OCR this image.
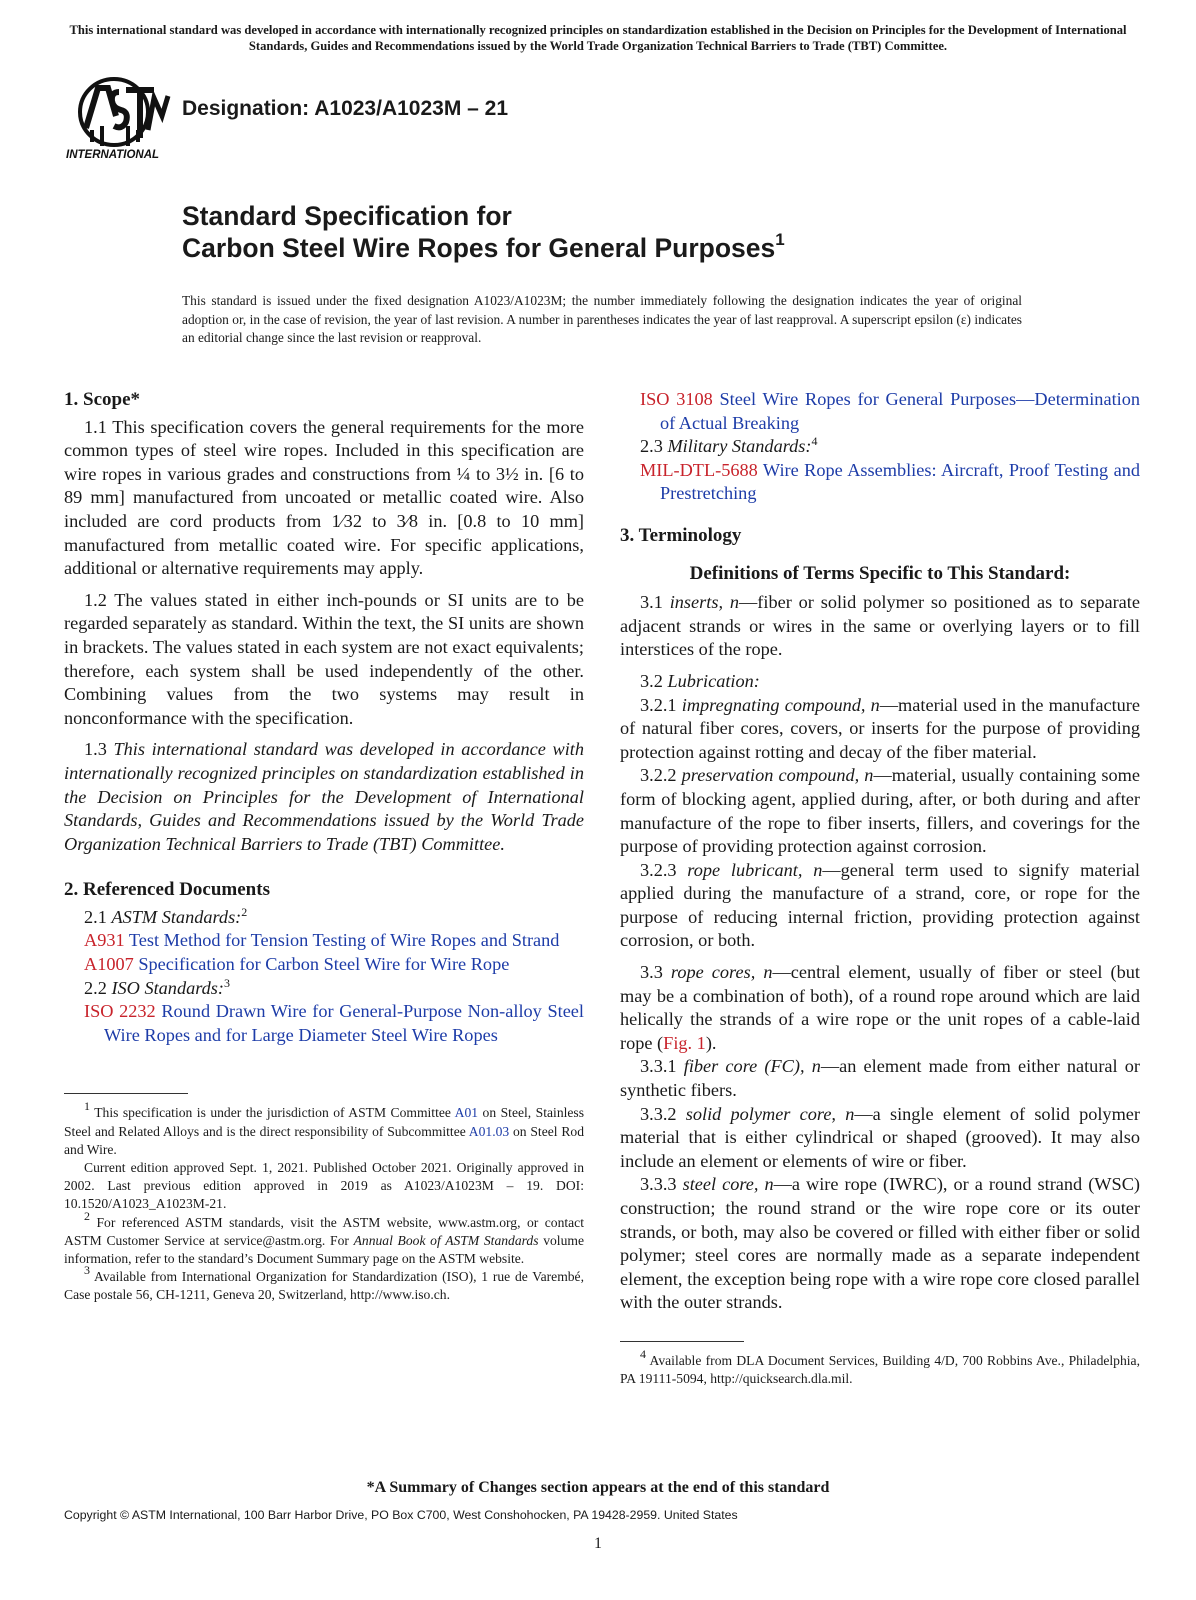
This international standard was developed in accordance with internationally recognized principles on standardization established in the Decision on Principles for the Development of International Standards, Guides and Recommendations issued by the World Trade Organization Technical Barriers to Trade (TBT) Committee.
INTERNATIONAL
Designation: A1023/A1023M – 21
Standard Specification for
Carbon Steel Wire Ropes for General Purposes$^1$
This standard is issued under the fixed designation A1023/A1023M; the number immediately following the designation indicates the year of original adoption or, in the case of revision, the year of last revision. A number in parentheses indicates the year of last reapproval. A superscript epsilon (ε) indicates an editorial change since the last revision or reapproval.
1. Scope*

1.1 This specification covers the general requirements for the more common types of steel wire ropes. Included in this specification are wire ropes in various grades and constructions from ¼ to 3½ in. [6 to 89 mm] manufactured from uncoated or metallic coated wire. Also included are cord products from 1⁄32 to 3⁄8 in. [0.8 to 10 mm] manufactured from metallic coated wire. For specific applications, additional or alternative requirements may apply.

1.2 The values stated in either inch-pounds or SI units are to be regarded separately as standard. Within the text, the SI units are shown in brackets. The values stated in each system are not exact equivalents; therefore, each system shall be used independently of the other. Combining values from the two systems may result in nonconformance with the specification.

1.3 This international standard was developed in accordance with internationally recognized principles on standardization established in the Decision on Principles for the Development of International Standards, Guides and Recommendations issued by the World Trade Organization Technical Barriers to Trade (TBT) Committee.

2. Referenced Documents
2.1 ASTM Standards:$^2$

A931 Test Method for Tension Testing of Wire Ropes and Strand

A1007 Specification for Carbon Steel Wire for Wire Rope

2.2 ISO Standards:$^3$

ISO 2232 Round Drawn Wire for General-Purpose Non-alloy Steel Wire Ropes and for Large Diameter Steel Wire Ropes

$^1$ This specification is under the jurisdiction of ASTM Committee A01 on Steel, Stainless Steel and Related Alloys and is the direct responsibility of Subcommittee A01.03 on Steel Rod and Wire.

Current edition approved Sept. 1, 2021. Published October 2021. Originally approved in 2002. Last previous edition approved in 2019 as A1023/A1023M – 19. DOI: 10.1520/A1023_A1023M-21.

$^2$ For referenced ASTM standards, visit the ASTM website, www.astm.org, or contact ASTM Customer Service at service@astm.org. For Annual Book of ASTM Standards volume information, refer to the standard’s Document Summary page on the ASTM website.

$^3$ Available from International Organization for Standardization (ISO), 1 rue de Varembé, Case postale 56, CH-1211, Geneva 20, Switzerland, http://www.iso.ch.

ISO 3108 Steel Wire Ropes for General Purposes—Determination of Actual Breaking

2.3 Military Standards:$^4$

MIL-DTL-5688 Wire Rope Assemblies: Aircraft, Proof Testing and Prestretching

3. Terminology
Definitions of Terms Specific to This Standard:

3.1 inserts, n—fiber or solid polymer so positioned as to separate adjacent strands or wires in the same or overlying layers or to fill interstices of the rope.

3.2 Lubrication:

3.2.1 impregnating compound, n—material used in the manufacture of natural fiber cores, covers, or inserts for the purpose of providing protection against rotting and decay of the fiber material.

3.2.2 preservation compound, n—material, usually containing some form of blocking agent, applied during, after, or both during and after manufacture of the rope to fiber inserts, fillers, and coverings for the purpose of providing protection against corrosion.

3.2.3 rope lubricant, n—general term used to signify material applied during the manufacture of a strand, core, or rope for the purpose of reducing internal friction, providing protection against corrosion, or both.

3.3 rope cores, n—central element, usually of fiber or steel (but may be a combination of both), of a round rope around which are laid helically the strands of a wire rope or the unit ropes of a cable-laid rope (Fig. 1).

3.3.1 fiber core (FC), n—an element made from either natural or synthetic fibers.

3.3.2 solid polymer core, n—a single element of solid polymer material that is either cylindrical or shaped (grooved). It may also include an element or elements of wire or fiber.

3.3.3 steel core, n—a wire rope (IWRC), or a round strand (WSC) construction; the round strand or the wire rope core or its outer strands, or both, may also be covered or filled with either fiber or solid polymer; steel cores are normally made as a separate independent element, the exception being rope with a wire rope core closed parallel with the outer strands.

$^4$ Available from DLA Document Services, Building 4/D, 700 Robbins Ave., Philadelphia, PA 19111-5094, http://quicksearch.dla.mil.

*A Summary of Changes section appears at the end of this standard
Copyright © ASTM International, 100 Barr Harbor Drive, PO Box C700, West Conshohocken, PA 19428-2959. United States
1
